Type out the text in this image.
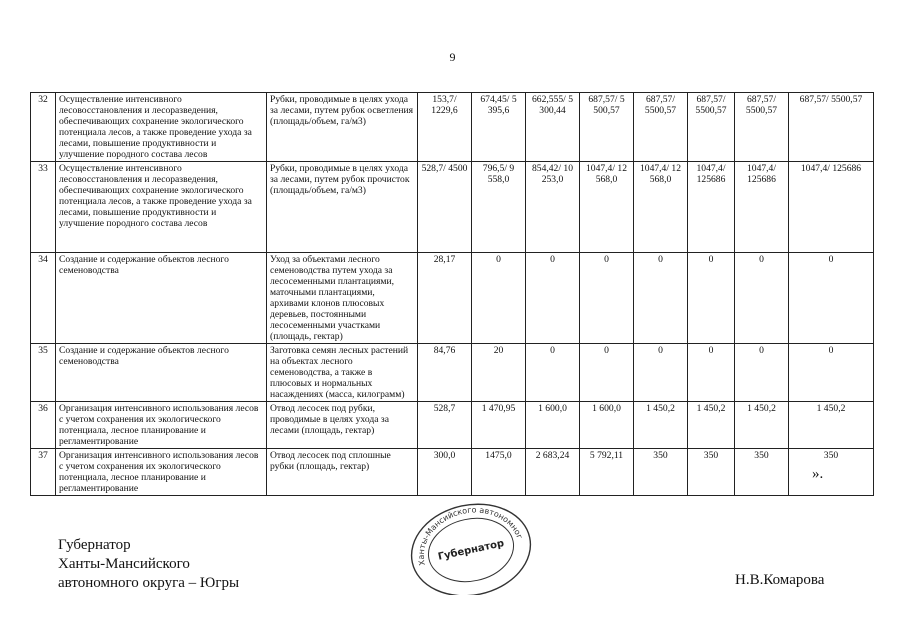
9
32	Осуществление интенсивного лесовосстановления и лесоразведения, обеспечивающих сохранение экологического потенциала лесов, а также проведение ухода за лесами, повышение продуктивности и улучшение породного состава лесов	Рубки, проводимые в целях ухода за лесами, путем рубок осветления (площадь/объем, га/м3)	153,7/ 1229,6	674,45/ 5 395,6	662,555/ 5 300,44	687,57/ 5 500,57	687,57/ 5500,57	687,57/ 5500,57	687,57/ 5500,57	687,57/ 5500,57
33	Осуществление интенсивного лесовосстановления и лесоразведения, обеспечивающих сохранение экологического потенциала лесов, а также проведение ухода за лесами, повышение продуктивности и улучшение породного состава лесов	Рубки, проводимые в целях ухода за лесами, путем рубок прочисток (площадь/объем, га/м3)	528,7/ 4500	796,5/ 9 558,0	854,42/ 10 253,0	1047,4/ 12 568,0	1047,4/ 12 568,0	1047,4/ 125686	1047,4/ 125686	1047,4/ 125686
34	Создание и содержание объектов лесного семеноводства	Уход за объектами лесного семеноводства путем ухода за лесосеменными плантациями, маточными плантациями, архивами клонов плюсовых деревьев, постоянными лесосеменными участками (площадь, гектар)	28,17	0	0	0	0	0	0	0
35	Создание и содержание объектов лесного семеноводства	Заготовка семян лесных растений на объектах лесного семеноводства, а также в плюсовых и нормальных насаждениях (масса, килограмм)	84,76	20	0	0	0	0	0	0
36	Организация интенсивного использования лесов с учетом сохранения их экологического потенциала, лесное планирование и регламентирование	Отвод лесосек под рубки, проводимые в целях ухода за лесами (площадь, гектар)	528,7	1 470,95	1 600,0	1 600,0	1 450,2	1 450,2	1 450,2	1 450,2
37	Организация интенсивного использования лесов с учетом сохранения их экологического потенциала, лесное планирование и регламентирование	Отвод лесосек под сплошные рубки (площадь, гектар)	300,0	1475,0	2 683,24	5 792,11	350	350	350	350
».
Губернатор
Ханты-Мансийского
автономного округа – Югры	Н.В.Комарова
Ханты-Мансийского автономного
Губернатор
